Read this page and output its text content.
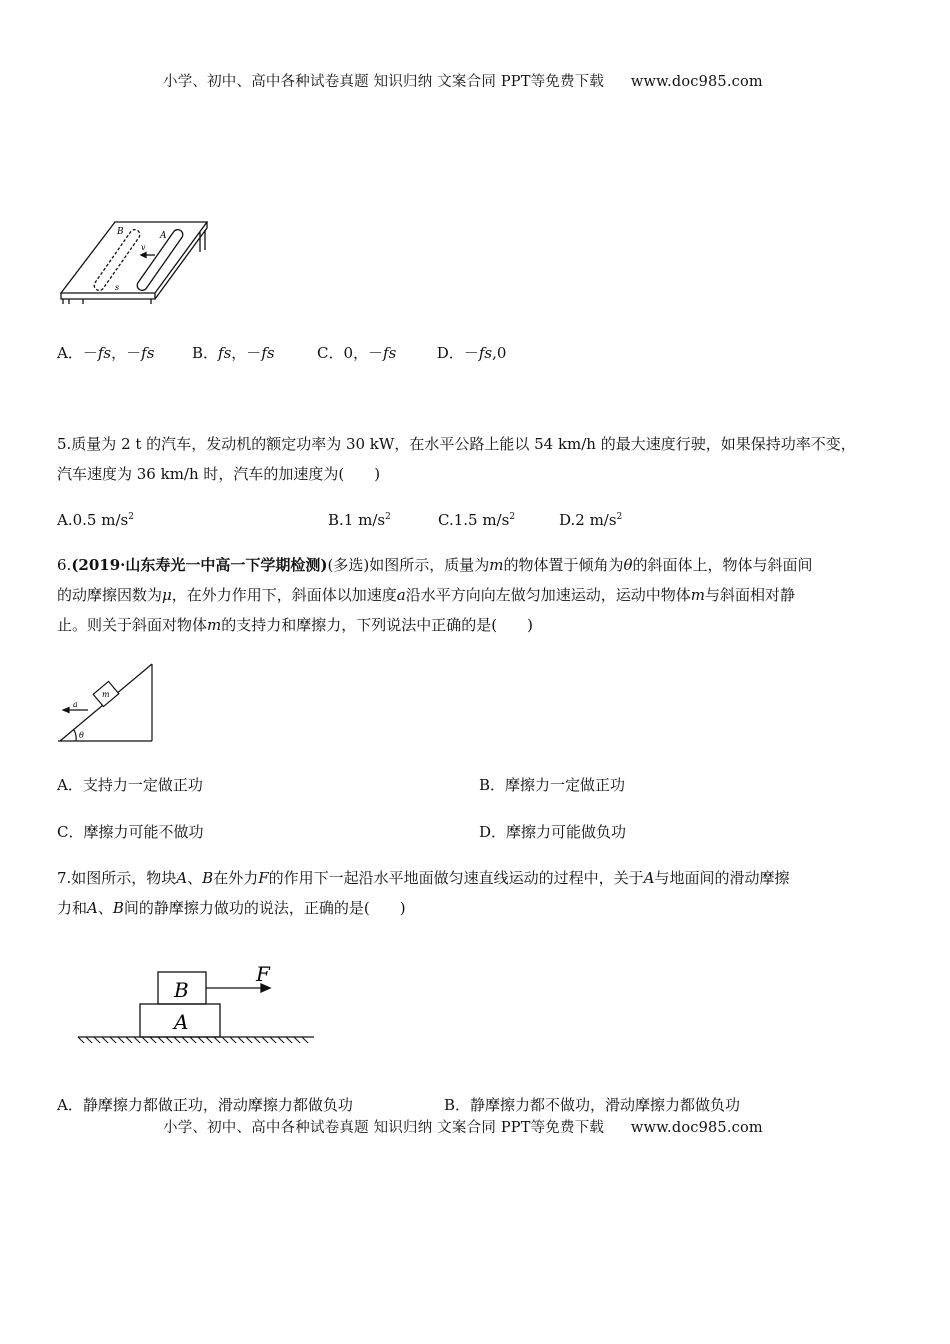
小学、初中、高中各种试卷真题 知识归纳 文案合同 PPT等免费下载 www.doc985.com
B	A
v
s
A．－fs，－fs	B．fs，－fs	C．0，－fs	D．－fs,0
5.质量为 2 t 的汽车，发动机的额定功率为 30 kW，在水平公路上能以 54 km/h 的最大速度行驶，如果保持功率不变，
汽车速度为 36 km/h 时，汽车的加速度为(　　)
A.0.5 $m/s^2$	B.1 $m/s^2$	C.1.5 $m/s^2$	D.2 $m/s^2$
6.(2019·山东寿光一中高一下学期检测)(多选)如图所示，质量为m的物体置于倾角为θ的斜面体上，物体与斜面间
的动摩擦因数为μ，在外力作用下，斜面体以加速度a沿水平方向向左做匀加速运动，运动中物体m与斜面相对静
止。则关于斜面对物体m的支持力和摩擦力，下列说法中正确的是(　　)
a
m
θ
A．支持力一定做正功	B．摩擦力一定做正功
C．摩擦力可能不做功	D．摩擦力可能做负功
7.如图所示，物块A、B在外力F的作用下一起沿水平地面做匀速直线运动的过程中，关于A与地面间的滑动摩擦
力和A、B间的静摩擦力做功的说法，正确的是(　　)
B
A
F
A．静摩擦力都做正功，滑动摩擦力都做负功	B．静摩擦力都不做功，滑动摩擦力都做负功
小学、初中、高中各种试卷真题 知识归纳 文案合同 PPT等免费下载 www.doc985.com
